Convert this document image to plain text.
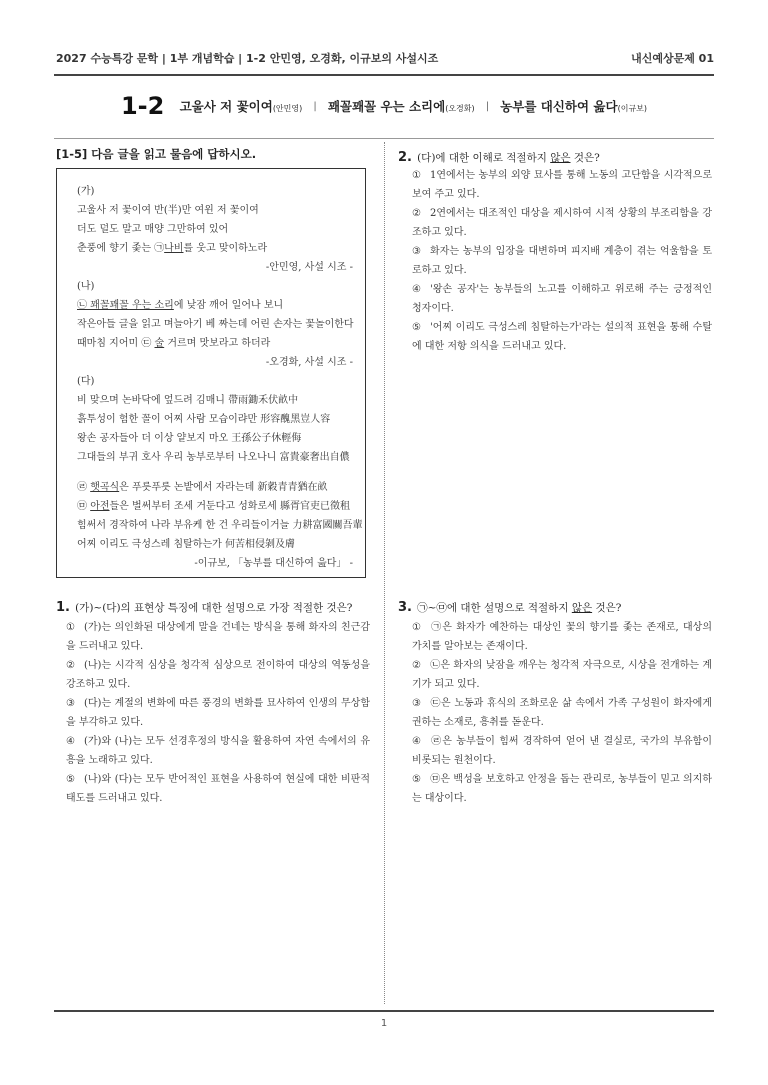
2027 수능특강 문학 | 1부 개념학습 | 1-2 안민영, 오경화, 이규보의 사설시조	내신예상문제 01
1-2 고울사 저 꽃이여(안민영) | 꽤꼴꽤꼴 우는 소리에(오경화) | 농부를 대신하여 읊다(이규보)
[1-5] 다음 글을 읽고 물음에 답하시오.
(가)
고울사 저 꽃이여 반(半)만 여윈 저 꽃이여
더도 덜도 말고 매양 그만하여 있어
춘풍에 향기 좇는 ㉠나비를 웃고 맞이하노라
-안민영, 사설 시조 -
(나)
㉡ 꽤꼴꽤꼴 우는 소리에 낮잠 깨어 일어나 보니
작은아들 글을 읽고 며늘아기 베 짜는데 어린 손자는 꽃놀이한다
때마침 지어미 ㉢ 술 거르며 맛보라고 하더라
-오경화, 사설 시조 -
(다)
비 맞으며 논바닥에 엎드려 김매니 帶雨鋤禾伏畝中
흙투성이 험한 꼴이 어찌 사람 모습이랴만 形容醜黑豈人容
왕손 공자들아 더 이상 얕보지 마오 王孫公子休輕侮
그대들의 부귀 호사 우리 농부로부터 나오나니 富貴豪奢出自儂
㉣ 햇곡식은 푸릇푸릇 논밭에서 자라는데 新穀青青猶在畝
㉤ 아전들은 벌써부터 조세 거둔다고 성화로세 縣胥官吏已徵租
힘써서 경작하여 나라 부유케 한 건 우리들이거늘 力耕富國關吾輩
어찌 이리도 극성스레 침탈하는가 何苦相侵剝及膚
-이규보, 「농부를 대신하여 읊다」 -
1. (가)~(다)의 표현상 특징에 대한 설명으로 가장 적절한 것은?
① (가)는 의인화된 대상에게 말을 건네는 방식을 통해 화자의 친근감을 드러내고 있다.
② (나)는 시각적 심상을 청각적 심상으로 전이하여 대상의 역동성을 강조하고 있다.
③ (다)는 계절의 변화에 따른 풍경의 변화를 묘사하여 인생의 무상함을 부각하고 있다.
④ (가)와 (나)는 모두 선경후정의 방식을 활용하여 자연 속에서의 유흥을 노래하고 있다.
⑤ (나)와 (다)는 모두 반어적인 표현을 사용하여 현실에 대한 비판적 태도를 드러내고 있다.
2. (다)에 대한 이해로 적절하지 않은 것은?
① 1연에서는 농부의 외양 묘사를 통해 노동의 고단함을 시각적으로 보여 주고 있다.
② 2연에서는 대조적인 대상을 제시하여 시적 상황의 부조리함을 강조하고 있다.
③ 화자는 농부의 입장을 대변하며 피지배 계층이 겪는 억울함을 토로하고 있다.
④ '왕손 공자'는 농부들의 노고를 이해하고 위로해 주는 긍정적인 청자이다.
⑤ '어찌 이리도 극성스레 침탈하는가'라는 설의적 표현을 통해 수탈에 대한 저항 의식을 드러내고 있다.
3. ㉠~㉤에 대한 설명으로 적절하지 않은 것은?
① ㉠은 화자가 예찬하는 대상인 꽃의 향기를 좇는 존재로, 대상의 가치를 알아보는 존재이다.
② ㉡은 화자의 낮잠을 깨우는 청각적 자극으로, 시상을 전개하는 계기가 되고 있다.
③ ㉢은 노동과 휴식의 조화로운 삶 속에서 가족 구성원이 화자에게 권하는 소재로, 흥취를 돋운다.
④ ㉣은 농부들이 힘써 경작하여 얻어 낸 결실로, 국가의 부유함이 비롯되는 원천이다.
⑤ ㉤은 백성을 보호하고 안정을 돕는 관리로, 농부들이 믿고 의지하는 대상이다.
1
